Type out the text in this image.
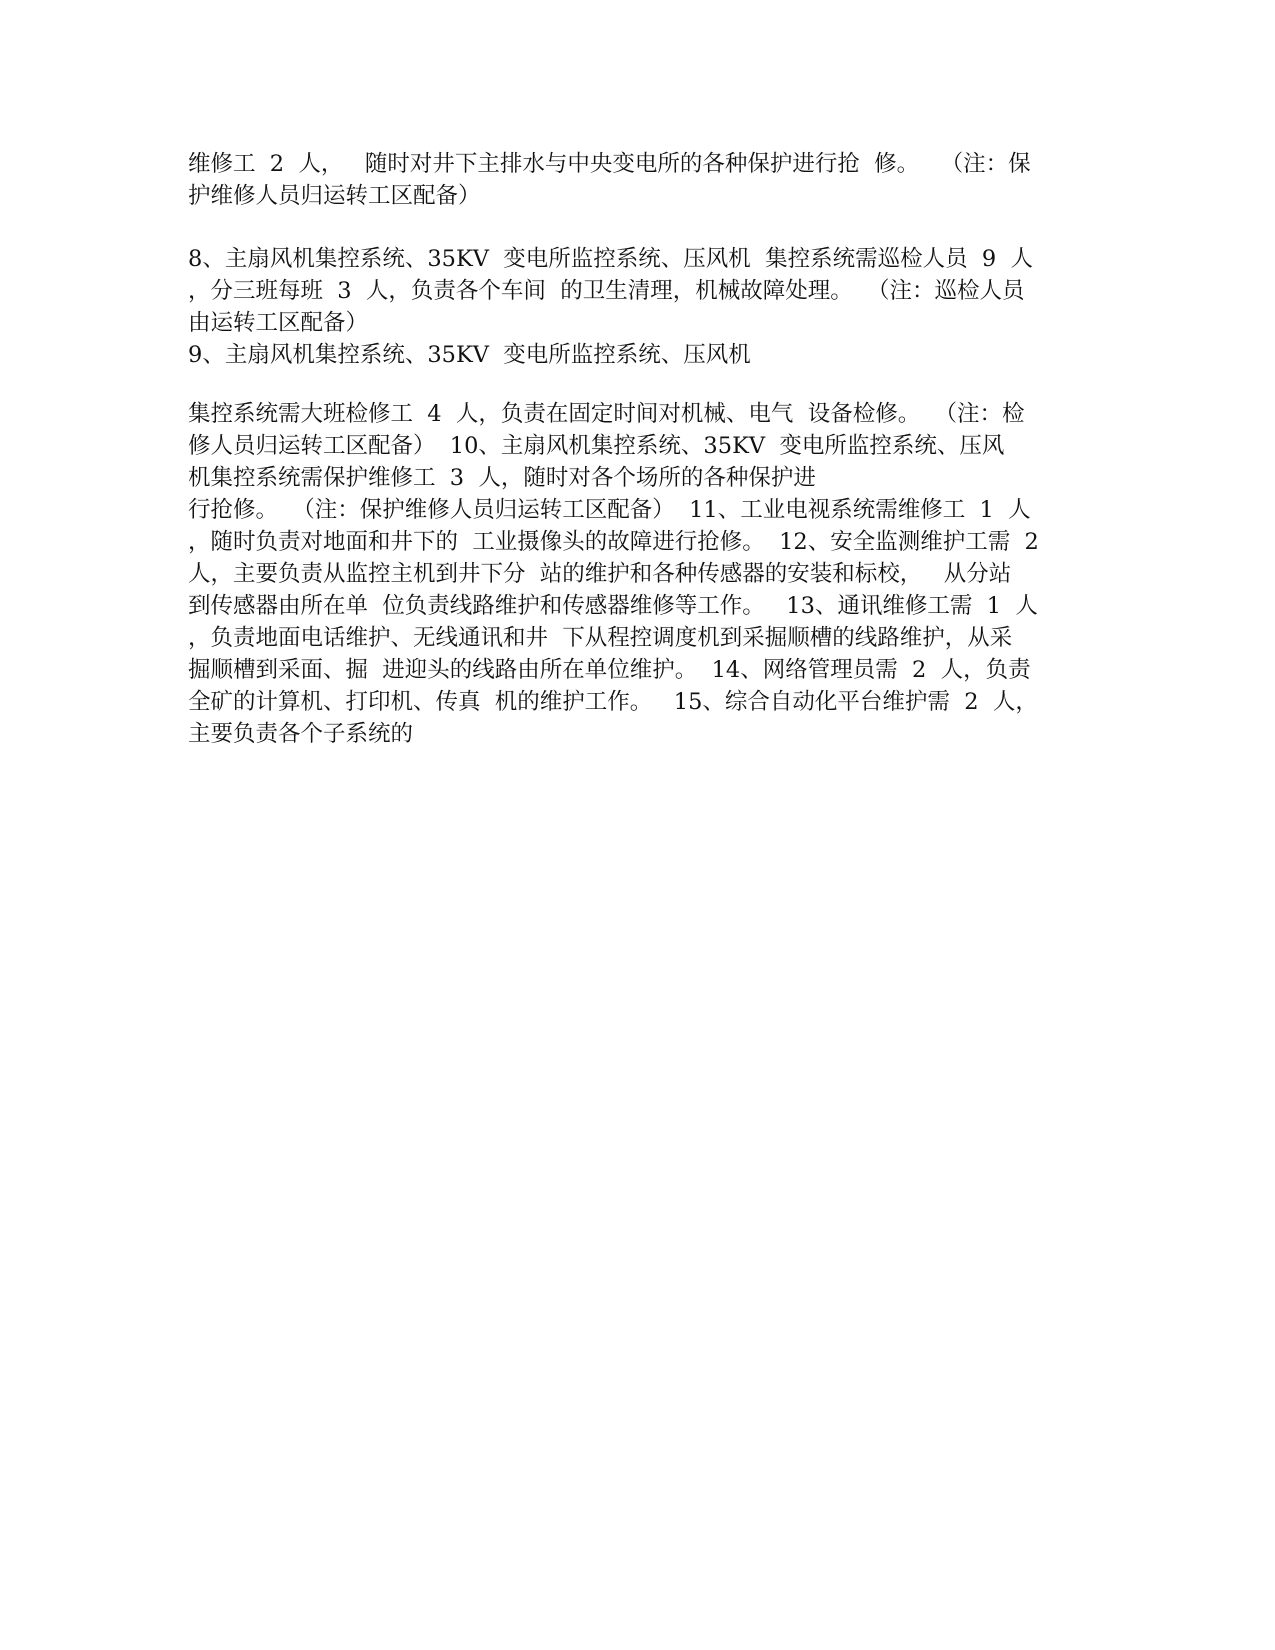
维修工  2  人，   随时对井下主排水与中央变电所的各种保护进行抢  修。   （注：保
护维修人员归运转工区配备）
8、主扇风机集控系统、35KV  变电所监控系统、压风机  集控系统需巡检人员  9  人
，分三班每班  3  人，负责各个车间  的卫生清理，机械故障处理。  （注：巡检人员
由运转工区配备）
9、主扇风机集控系统、35KV  变电所监控系统、压风机
集控系统需大班检修工  4  人，负责在固定时间对机械、电气  设备检修。  （注：检
修人员归运转工区配备）  10、主扇风机集控系统、35KV  变电所监控系统、压风
机集控系统需保护维修工  3  人，随时对各个场所的各种保护进
行抢修。  （注：保护维修人员归运转工区配备）  11、工业电视系统需维修工  1  人
，随时负责对地面和井下的  工业摄像头的故障进行抢修。  12、安全监测维护工需  2
人，主要负责从监控主机到井下分  站的维护和各种传感器的安装和标校，   从分站
到传感器由所在单  位负责线路维护和传感器维修等工作。   13、通讯维修工需  1  人
，负责地面电话维护、无线通讯和井  下从程控调度机到采掘顺槽的线路维护，从采
掘顺槽到采面、掘  进迎头的线路由所在单位维护。  14、网络管理员需  2  人，负责
全矿的计算机、打印机、传真  机的维护工作。   15、综合自动化平台维护需  2  人，
主要负责各个子系统的
